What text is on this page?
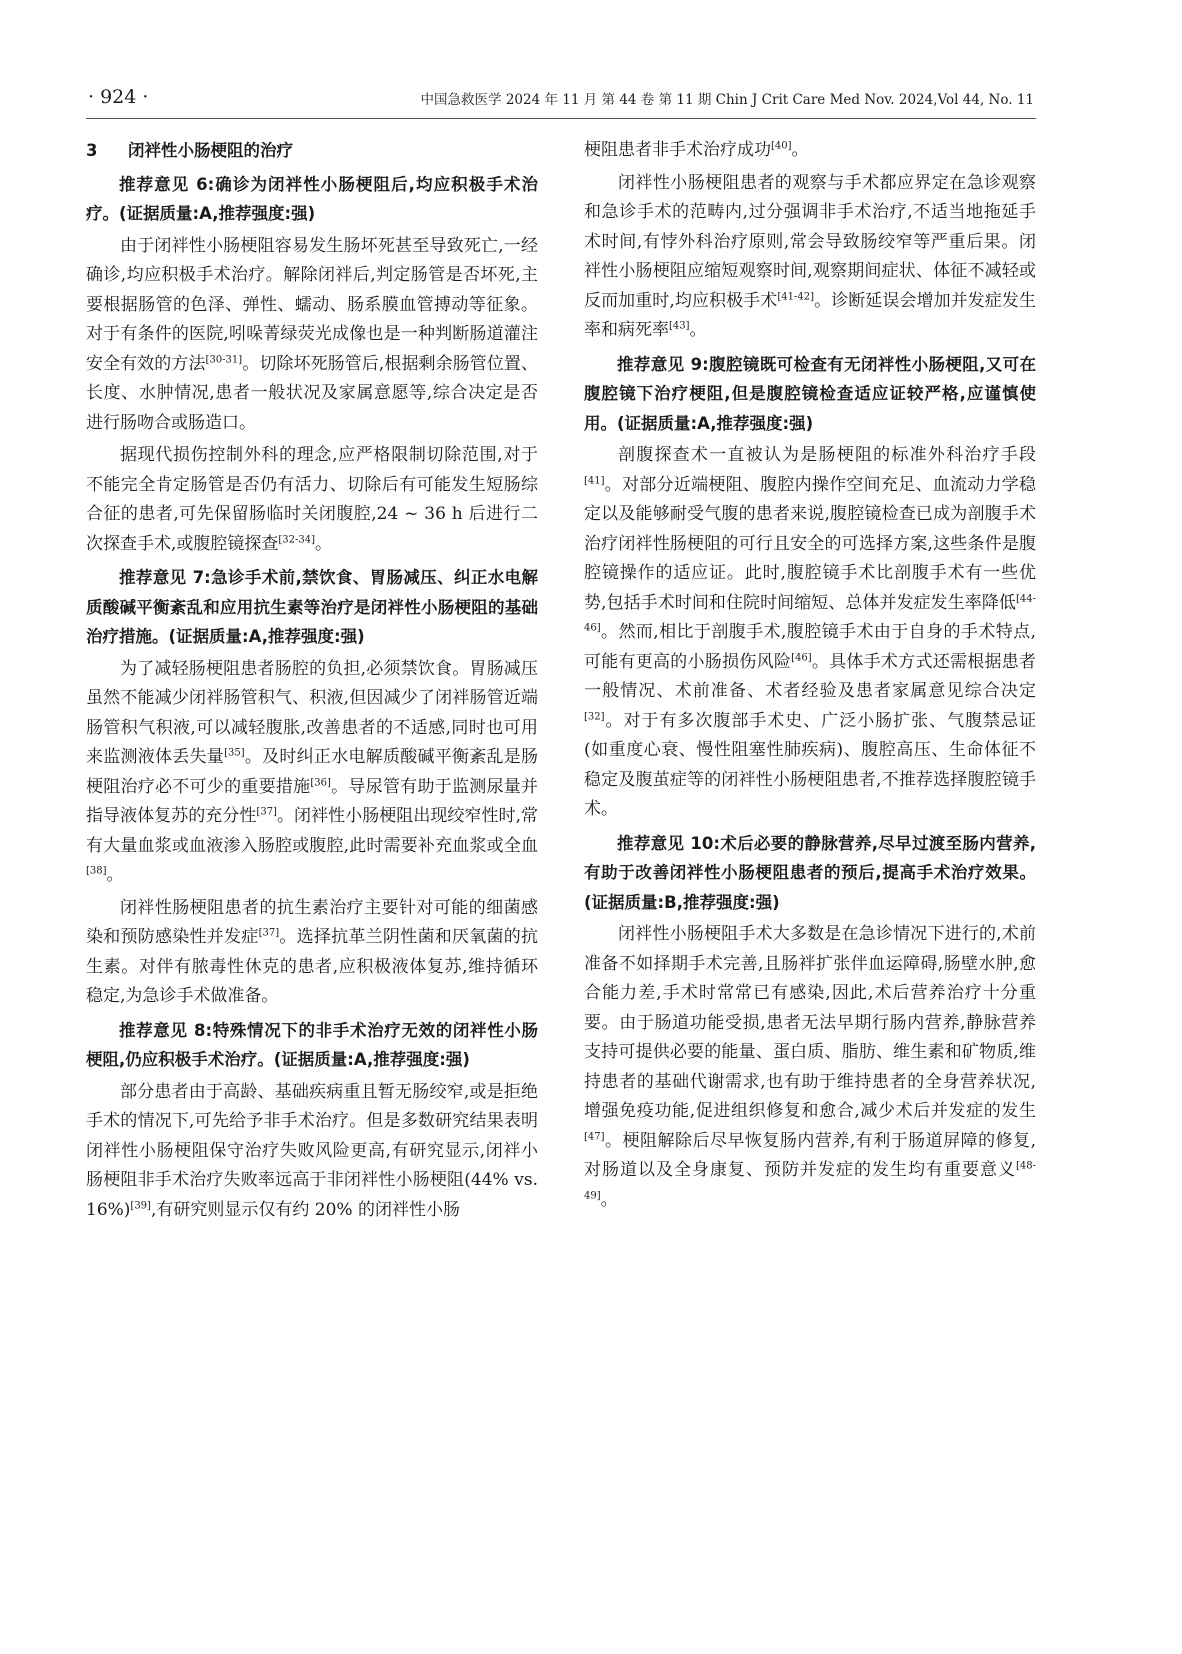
· 924 ·	中国急救医学 2024 年 11 月 第 44 卷 第 11 期 Chin J Crit Care Med Nov. 2024,Vol 44, No. 11

3 闭袢性小肠梗阻的治疗

推荐意见 6:确诊为闭袢性小肠梗阻后,均应积极手术治疗。(证据质量:A,推荐强度:强)

由于闭袢性小肠梗阻容易发生肠坏死甚至导致死亡,一经确诊,均应积极手术治疗。解除闭袢后,判定肠管是否坏死,主要根据肠管的色泽、弹性、蠕动、肠系膜血管搏动等征象。对于有条件的医院,吲哚菁绿荧光成像也是一种判断肠道灌注安全有效的方法[30-31]。切除坏死肠管后,根据剩余肠管位置、长度、水肿情况,患者一般状况及家属意愿等,综合决定是否进行肠吻合或肠造口。

据现代损伤控制外科的理念,应严格限制切除范围,对于不能完全肯定肠管是否仍有活力、切除后有可能发生短肠综合征的患者,可先保留肠临时关闭腹腔,24 ~ 36 h 后进行二次探查手术,或腹腔镜探查[32-34]。

推荐意见 7:急诊手术前,禁饮食、胃肠减压、纠正水电解质酸碱平衡紊乱和应用抗生素等治疗是闭袢性小肠梗阻的基础治疗措施。(证据质量:A,推荐强度:强)

为了减轻肠梗阻患者肠腔的负担,必须禁饮食。胃肠减压虽然不能减少闭袢肠管积气、积液,但因减少了闭袢肠管近端肠管积气积液,可以减轻腹胀,改善患者的不适感,同时也可用来监测液体丢失量[35]。及时纠正水电解质酸碱平衡紊乱是肠梗阻治疗必不可少的重要措施[36]。导尿管有助于监测尿量并指导液体复苏的充分性[37]。闭袢性小肠梗阻出现绞窄性时,常有大量血浆或血液渗入肠腔或腹腔,此时需要补充血浆或全血[38]。

闭袢性肠梗阻患者的抗生素治疗主要针对可能的细菌感染和预防感染性并发症[37]。选择抗革兰阴性菌和厌氧菌的抗生素。对伴有脓毒性休克的患者,应积极液体复苏,维持循环稳定,为急诊手术做准备。

推荐意见 8:特殊情况下的非手术治疗无效的闭袢性小肠梗阻,仍应积极手术治疗。(证据质量:A,推荐强度:强)

部分患者由于高龄、基础疾病重且暂无肠绞窄,或是拒绝手术的情况下,可先给予非手术治疗。但是多数研究结果表明闭袢性小肠梗阻保守治疗失败风险更高,有研究显示,闭袢小肠梗阻非手术治疗失败率远高于非闭袢性小肠梗阻(44% vs. 16%)[39],有研究则显示仅有约 20% 的闭袢性小肠

梗阻患者非手术治疗成功[40]。

闭袢性小肠梗阻患者的观察与手术都应界定在急诊观察和急诊手术的范畴内,过分强调非手术治疗,不适当地拖延手术时间,有悖外科治疗原则,常会导致肠绞窄等严重后果。闭袢性小肠梗阻应缩短观察时间,观察期间症状、体征不减轻或反而加重时,均应积极手术[41-42]。诊断延误会增加并发症发生率和病死率[43]。

推荐意见 9:腹腔镜既可检查有无闭袢性小肠梗阻,又可在腹腔镜下治疗梗阻,但是腹腔镜检查适应证较严格,应谨慎使用。(证据质量:A,推荐强度:强)

剖腹探查术一直被认为是肠梗阻的标准外科治疗手段[41]。对部分近端梗阻、腹腔内操作空间充足、血流动力学稳定以及能够耐受气腹的患者来说,腹腔镜检查已成为剖腹手术治疗闭袢性肠梗阻的可行且安全的可选择方案,这些条件是腹腔镜操作的适应证。此时,腹腔镜手术比剖腹手术有一些优势,包括手术时间和住院时间缩短、总体并发症发生率降低[44-46]。然而,相比于剖腹手术,腹腔镜手术由于自身的手术特点,可能有更高的小肠损伤风险[46]。具体手术方式还需根据患者一般情况、术前准备、术者经验及患者家属意见综合决定[32]。对于有多次腹部手术史、广泛小肠扩张、气腹禁忌证(如重度心衰、慢性阻塞性肺疾病)、腹腔高压、生命体征不稳定及腹茧症等的闭袢性小肠梗阻患者,不推荐选择腹腔镜手术。

推荐意见 10:术后必要的静脉营养,尽早过渡至肠内营养,有助于改善闭袢性小肠梗阻患者的预后,提高手术治疗效果。(证据质量:B,推荐强度:强)

闭袢性小肠梗阻手术大多数是在急诊情况下进行的,术前准备不如择期手术完善,且肠袢扩张伴血运障碍,肠壁水肿,愈合能力差,手术时常常已有感染,因此,术后营养治疗十分重要。由于肠道功能受损,患者无法早期行肠内营养,静脉营养支持可提供必要的能量、蛋白质、脂肪、维生素和矿物质,维持患者的基础代谢需求,也有助于维持患者的全身营养状况,增强免疫功能,促进组织修复和愈合,减少术后并发症的发生[47]。梗阻解除后尽早恢复肠内营养,有利于肠道屏障的修复,对肠道以及全身康复、预防并发症的发生均有重要意义[48-49]。
